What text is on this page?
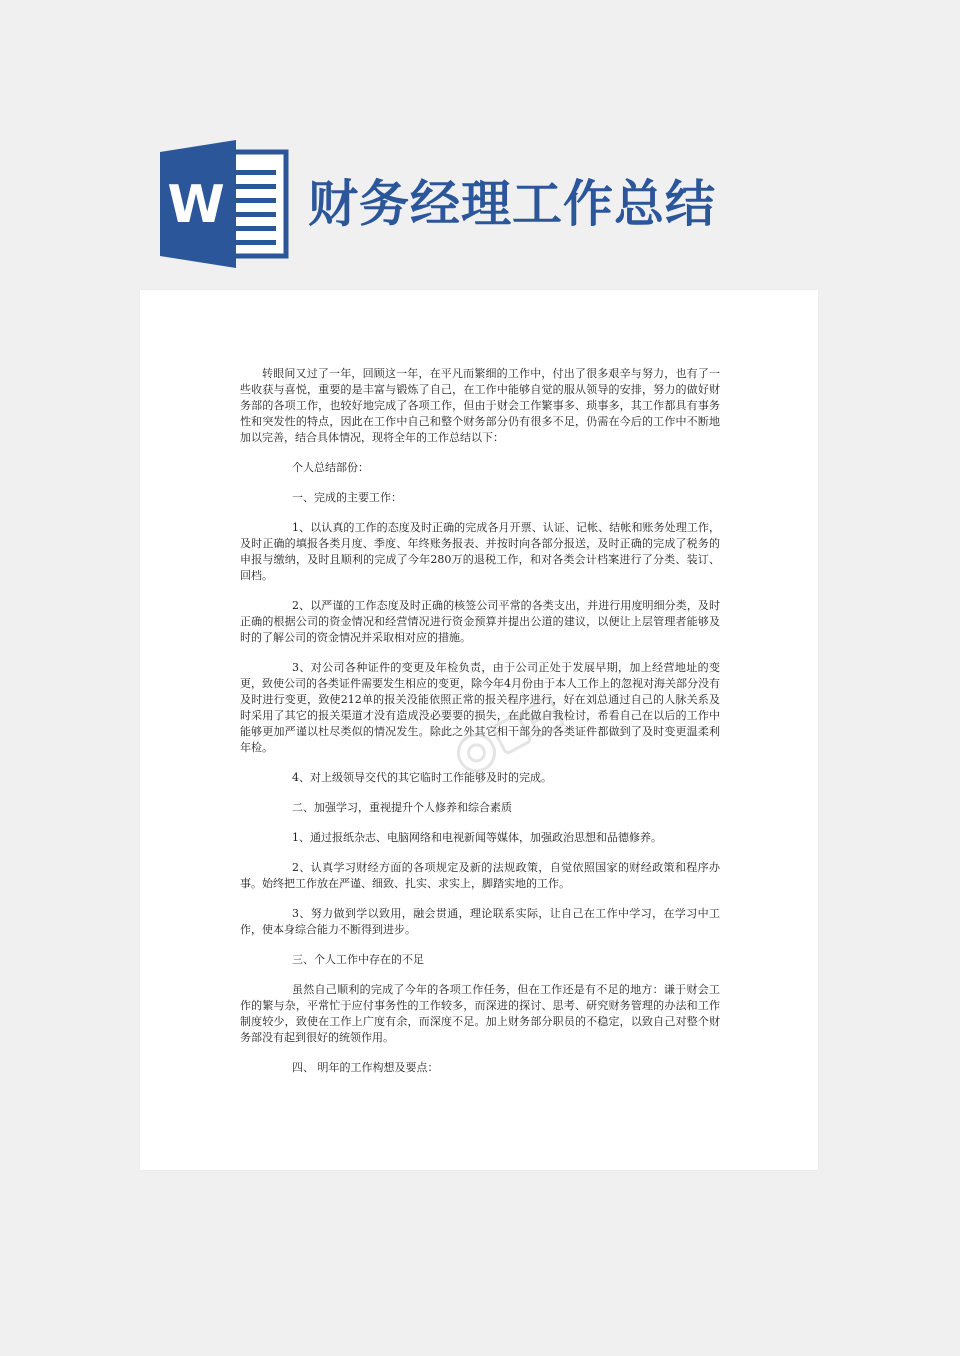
W 财务经理工作总结

转眼间又过了一年，回顾这一年，在平凡而繁细的工作中，付出了很多艰辛与努力，也有了一些收获与喜悦，重要的是丰富与锻炼了自己，在工作中能够自觉的服从领导的安排，努力的做好财务部的各项工作，也较好地完成了各项工作，但由于财会工作繁事多、琐事多，其工作都具有事务性和突发性的特点，因此在工作中自己和整个财务部分仍有很多不足，仍需在今后的工作中不断地加以完善，结合具体情况，现将全年的工作总结以下：

个人总结部份：

一、完成的主要工作：

1、以认真的工作的态度及时正确的完成各月开票、认证、记帐、结帐和账务处理工作，及时正确的填报各类月度、季度、年终账务报表、并按时向各部分报送，及时正确的完成了税务的申报与缴纳，及时且顺利的完成了今年280万的退税工作，和对各类会计档案进行了分类、装订、回档。

2、以严谨的工作态度及时正确的核签公司平常的各类支出，并进行用度明细分类，及时正确的根据公司的资金情况和经营情况进行资金预算并提出公道的建议，以便让上层管理者能够及时的了解公司的资金情况并采取相对应的措施。

3、对公司各种证件的变更及年检负责，由于公司正处于发展早期，加上经营地址的变更，致使公司的各类证件需要发生相应的变更，除今年4月份由于本人工作上的忽视对海关部分没有及时进行变更，致使212单的报关没能依照正常的报关程序进行，好在刘总通过自己的人脉关系及时采用了其它的报关渠道才没有造成没必要要的损失，在此做自我检讨，希看自己在以后的工作中能够更加严谨以杜尽类似的情况发生。除此之外其它相干部分的各类证件都做到了及时变更温柔利年检。

4、对上级领导交代的其它临时工作能够及时的完成。

二、加强学习，重视提升个人修养和综合素质

1、通过报纸杂志、电脑网络和电视新闻等媒体，加强政治思想和品德修养。

2、认真学习财经方面的各项规定及新的法规政策，自觉依照国家的财经政策和程序办事。始终把工作放在严谨、细致、扎实、求实上，脚踏实地的工作。

3、努力做到学以致用，融会贯通，理论联系实际，让自己在工作中学习，在学习中工作，使本身综合能力不断得到进步。

三、个人工作中存在的不足

虽然自己顺利的完成了今年的各项工作任务，但在工作还是有不足的地方：谦于财会工作的繁与杂，平常忙于应付事务性的工作较多，而深进的探讨、思考、研究财务管理的办法和工作制度较少，致使在工作上广度有余，而深度不足。加上财务部分职员的不稳定，以致自己对整个财务部没有起到很好的统领作用。

四、 明年的工作构想及要点：
